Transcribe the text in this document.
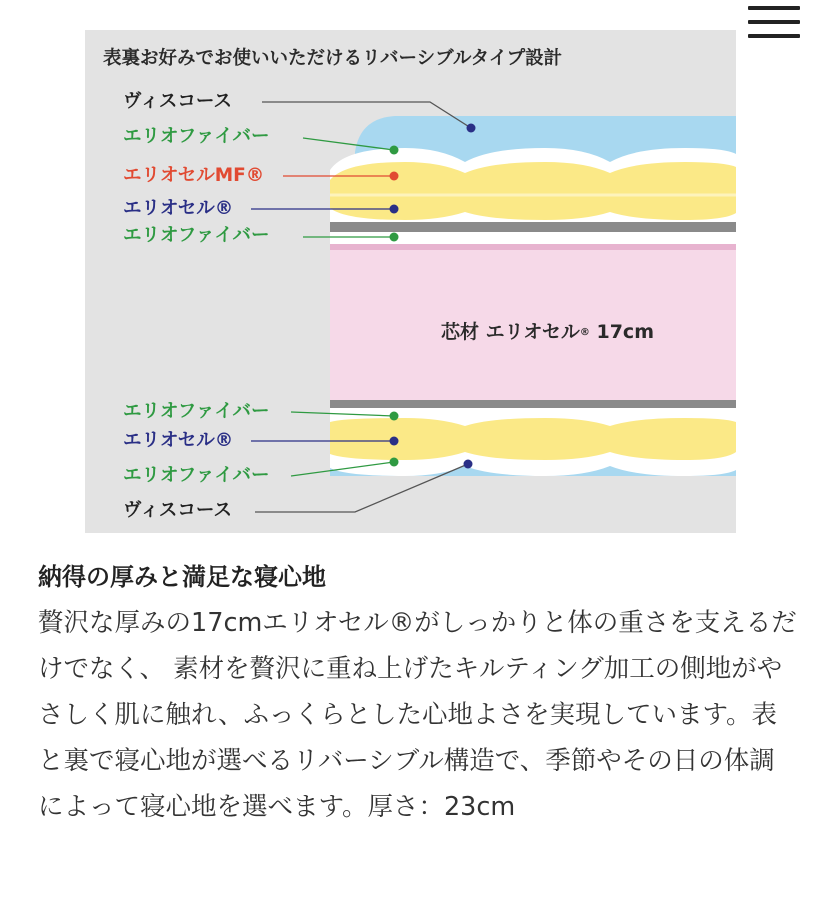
表裏お好みでお使いいただけるリバーシブルタイプ設計
ヴィスコース
エリオファイバー
エリオセルMF®
エリオセル®
エリオファイバー
芯材 エリオセル® 17cm
エリオファイバー
エリオセル®
エリオファイバー
ヴィスコース
納得の厚みと満足な寝心地
贅沢な厚みの17cmエリオセル®がしっかりと体の重さを支えるだけでなく、 素材を贅沢に重ね上げたキルティング加工の側地がやさしく肌に触れ、ふっくらとした心地よさを実現しています。表と裏で寝心地が選べるリバーシブル構造で、季節やその日の体調によって寝心地を選べます。厚さ：23cm
